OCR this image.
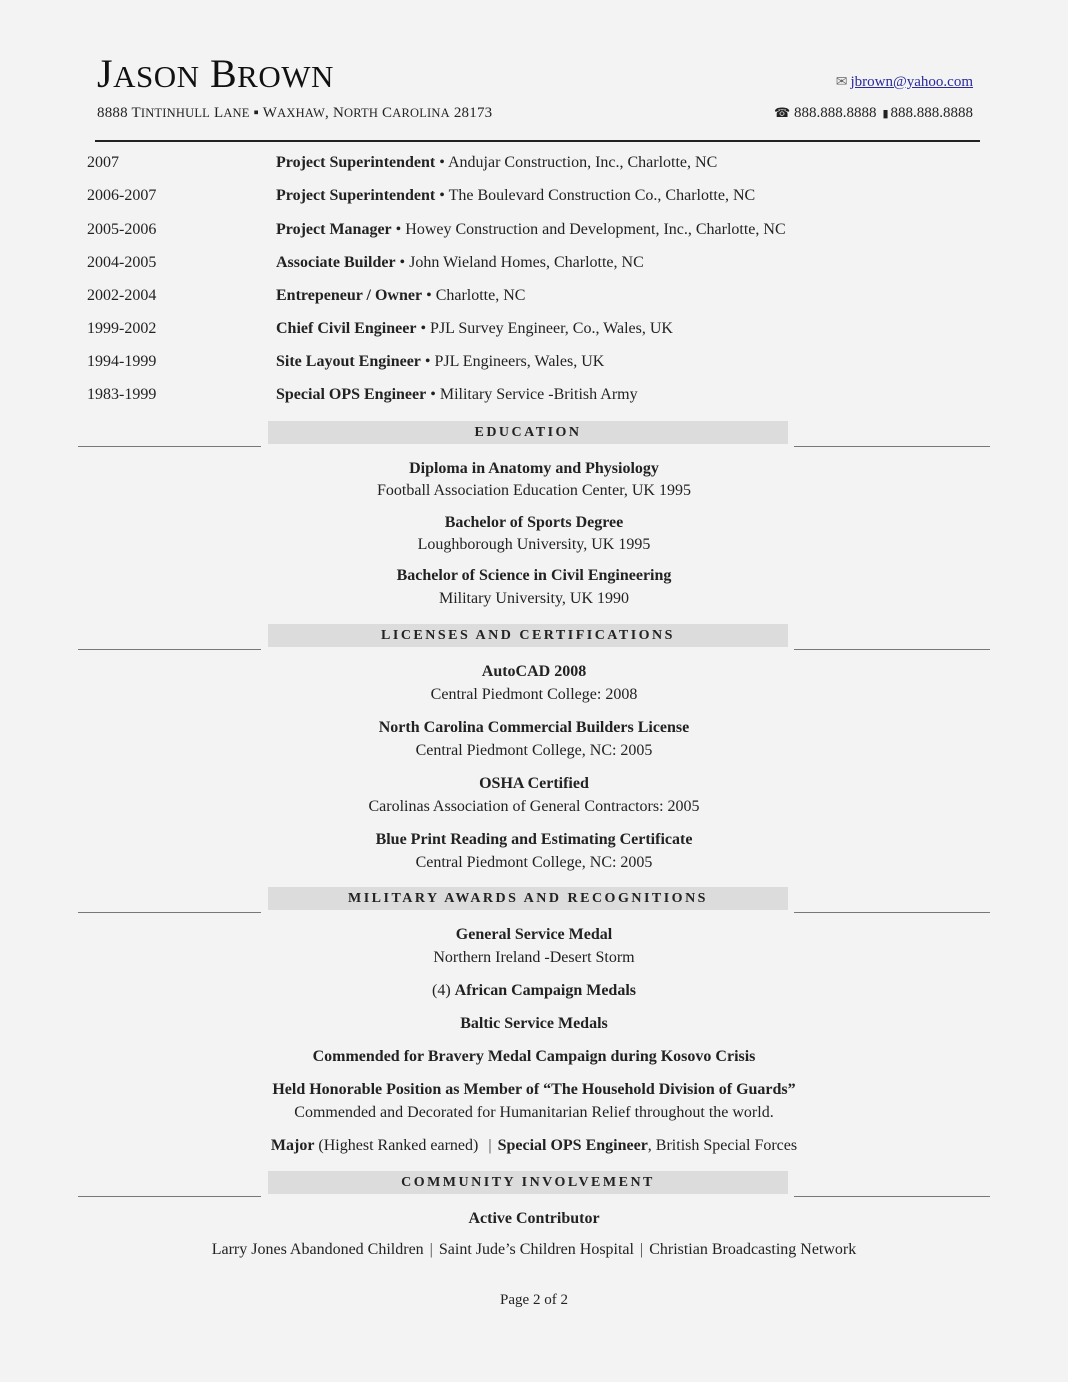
JASON BROWN	✉ jbrown@yahoo.com
8888 TINTINHULL LANE ▪ WAXHAW, NORTH CAROLINA 28173	☎ 888.888.8888 ▮ 888.888.8888
2007	Project Superintendent • Andujar Construction, Inc., Charlotte, NC
2006-2007	Project Superintendent • The Boulevard Construction Co., Charlotte, NC
2005-2006	Project Manager • Howey Construction and Development, Inc., Charlotte, NC
2004-2005	Associate Builder • John Wieland Homes, Charlotte, NC
2002-2004	Entrepeneur / Owner • Charlotte, NC
1999-2002	Chief Civil Engineer • PJL Survey Engineer, Co., Wales, UK
1994-1999	Site Layout Engineer • PJL Engineers, Wales, UK
1983-1999	Special OPS Engineer • Military Service -British Army
EDUCATION
Diploma in Anatomy and Physiology
Football Association Education Center, UK 1995
Bachelor of Sports Degree
Loughborough University, UK 1995
Bachelor of Science in Civil Engineering
Military University, UK 1990
LICENSES AND CERTIFICATIONS
AutoCAD 2008
Central Piedmont College: 2008
North Carolina Commercial Builders License
Central Piedmont College, NC: 2005
OSHA Certified
Carolinas Association of General Contractors: 2005
Blue Print Reading and Estimating Certificate
Central Piedmont College, NC: 2005
MILITARY AWARDS AND RECOGNITIONS
General Service Medal
Northern Ireland -Desert Storm
(4) African Campaign Medals
Baltic Service Medals
Commended for Bravery Medal Campaign during Kosovo Crisis
Held Honorable Position as Member of “The Household Division of Guards”
Commended and Decorated for Humanitarian Relief throughout the world.
Major (Highest Ranked earned) | Special OPS Engineer, British Special Forces
COMMUNITY INVOLVEMENT
Active Contributor
Larry Jones Abandoned Children | Saint Jude’s Children Hospital | Christian Broadcasting Network
Page 2 of 2
